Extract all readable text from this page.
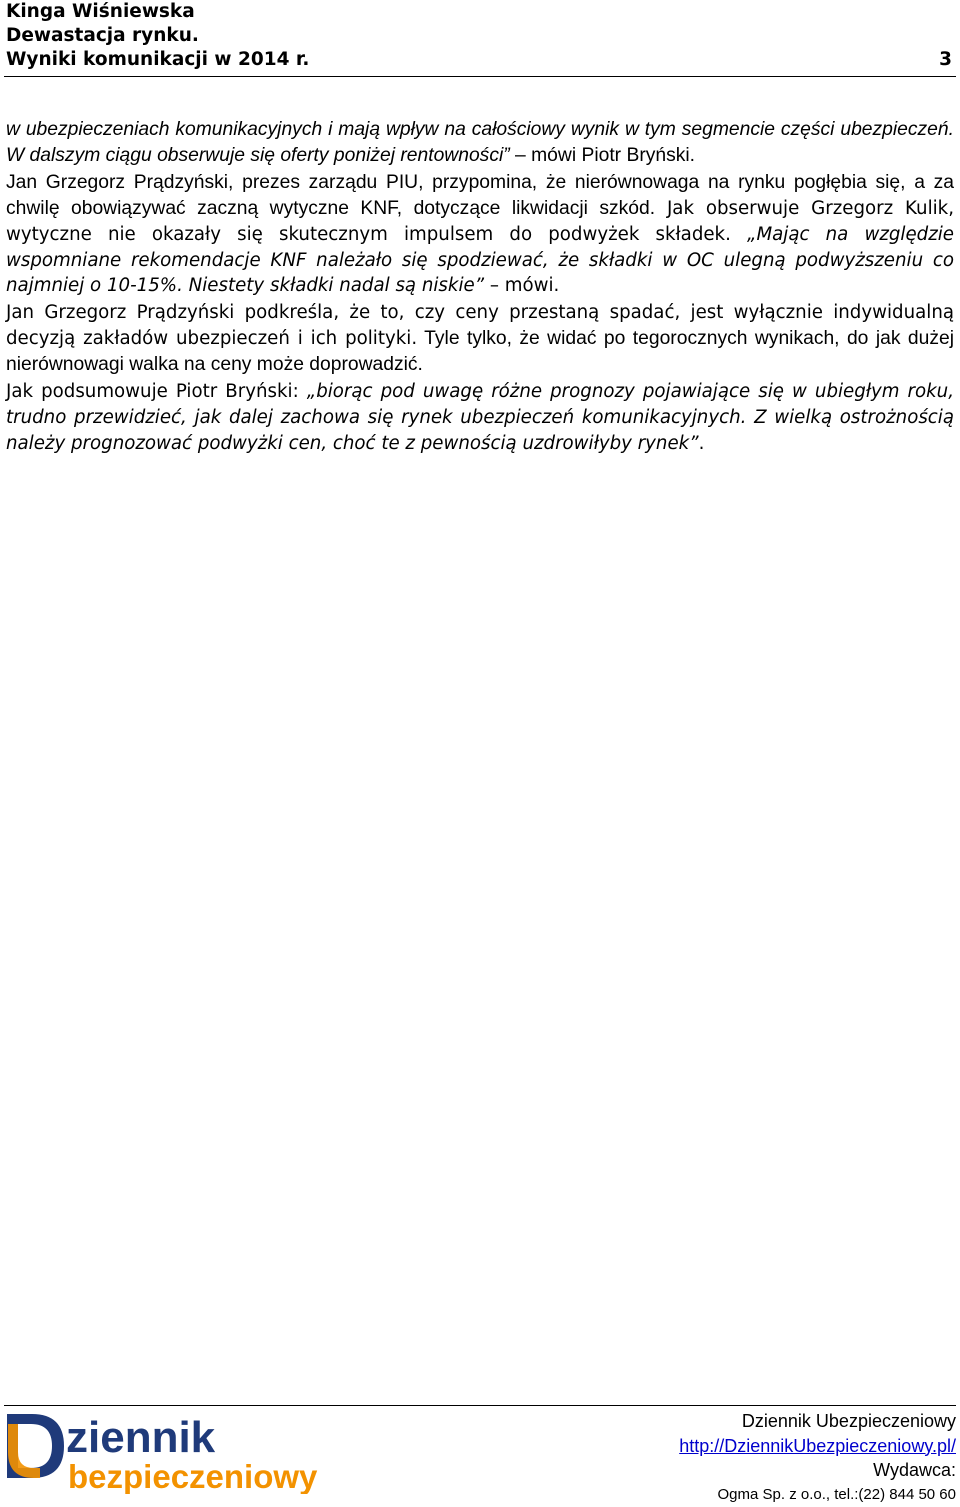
Kinga Wiśniewska
Dewastacja rynku.
Wyniki komunikacji w 2014 r.	3

w ubezpieczeniach komunikacyjnych i mają wpływ na całościowy wynik w tym segmencie części ubezpieczeń. W dalszym ciągu obserwuje się oferty poniżej rentowności” – mówi Piotr Bryński.

Jan Grzegorz Prądzyński, prezes zarządu PIU, przypomina, że nierównowaga na rynku pogłębia się, a za chwilę obowiązywać zaczną wytyczne KNF, dotyczące likwidacji szkód. Jak obserwuje Grzegorz Kulik, wytyczne nie okazały się skutecznym impulsem do podwyżek składek. „Mając na względzie wspomniane rekomendacje KNF należało się spodziewać, że składki w OC ulegną podwyższeniu co najmniej o 10-15%. Niestety składki nadal są niskie” – mówi.

Jan Grzegorz Prądzyński podkreśla, że to, czy ceny przestaną spadać, jest wyłącznie indywidualną decyzją zakładów ubezpieczeń i ich polityki. Tyle tylko, że widać po tegorocznych wynikach, do jak dużej nierównowagi walka na ceny może doprowadzić.

Jak podsumowuje Piotr Bryński: „biorąc pod uwagę różne prognozy pojawiające się w ubiegłym roku, trudno przewidzieć, jak dalej zachowa się rynek ubezpieczeń komunikacyjnych. Z wielką ostrożnością należy prognozować podwyżki cen, choć te z pewnością uzdrowiłyby rynek”.

ziennik
bezpieczeniowy
Dziennik Ubezpieczeniowy
http://DziennikUbezpieczeniowy.pl/
Wydawca:
Ogma Sp. z o.o., tel.:(22) 844 50 60
